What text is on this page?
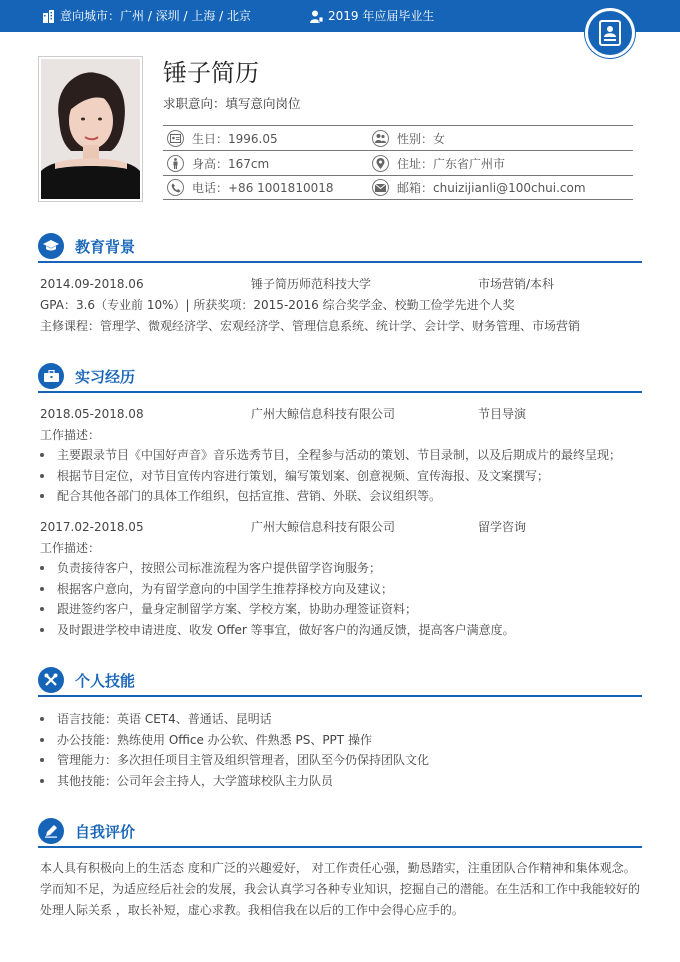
意向城市：广州 / 深圳 / 上海 / 北京	2019 年应届毕业生
锤子简历
求职意向：填写意向岗位
生日：1996.05	性别：女
身高：167cm	住址：广东省广州市
电话：+86 1001810018	邮箱：chuizijianli@100chui.com
教育背景
2014.09-2018.06	锤子简历师范科技大学	市场营销/本科
GPA：3.6（专业前 10%）| 所获奖项：2015-2016 综合奖学金、校勤工俭学先进个人奖
主修课程：管理学、微观经济学、宏观经济学、管理信息系统、统计学、会计学、财务管理、市场营销
实习经历
2018.05-2018.08	广州大鲸信息科技有限公司	节目导演
工作描述：
主要跟录节目《中国好声音》音乐选秀节目，全程参与活动的策划、节目录制，以及后期成片的最终呈现；
根据节目定位，对节目宣传内容进行策划，编写策划案、创意视频、宣传海报、及文案撰写；
配合其他各部门的具体工作组织，包括宣推、营销、外联、会议组织等。
2017.02-2018.05	广州大鲸信息科技有限公司	留学咨询
工作描述：
负责接待客户，按照公司标准流程为客户提供留学咨询服务；
根据客户意向，为有留学意向的中国学生推荐择校方向及建议；
跟进签约客户，量身定制留学方案、学校方案，协助办理签证资料；
及时跟进学校申请进度、收发 Offer 等事宜，做好客户的沟通反馈，提高客户满意度。
个人技能
语言技能：英语 CET4、普通话、昆明话
办公技能：熟练使用 Office 办公软、件熟悉 PS、PPT 操作
管理能力：多次担任项目主管及组织管理者，团队至今仍保持团队文化
其他技能：公司年会主持人，大学篮球校队主力队员
自我评价
本人具有积极向上的生活态 度和广泛的兴趣爱好， 对工作责任心强，勤恳踏实，注重团队合作精神和集体观念。学而知不足，为适应经后社会的发展，我会认真学习各种专业知识，挖掘自己的潜能。在生活和工作中我能较好的处理人际关系 ，取长补短，虚心求教。我相信我在以后的工作中会得心应手的。
